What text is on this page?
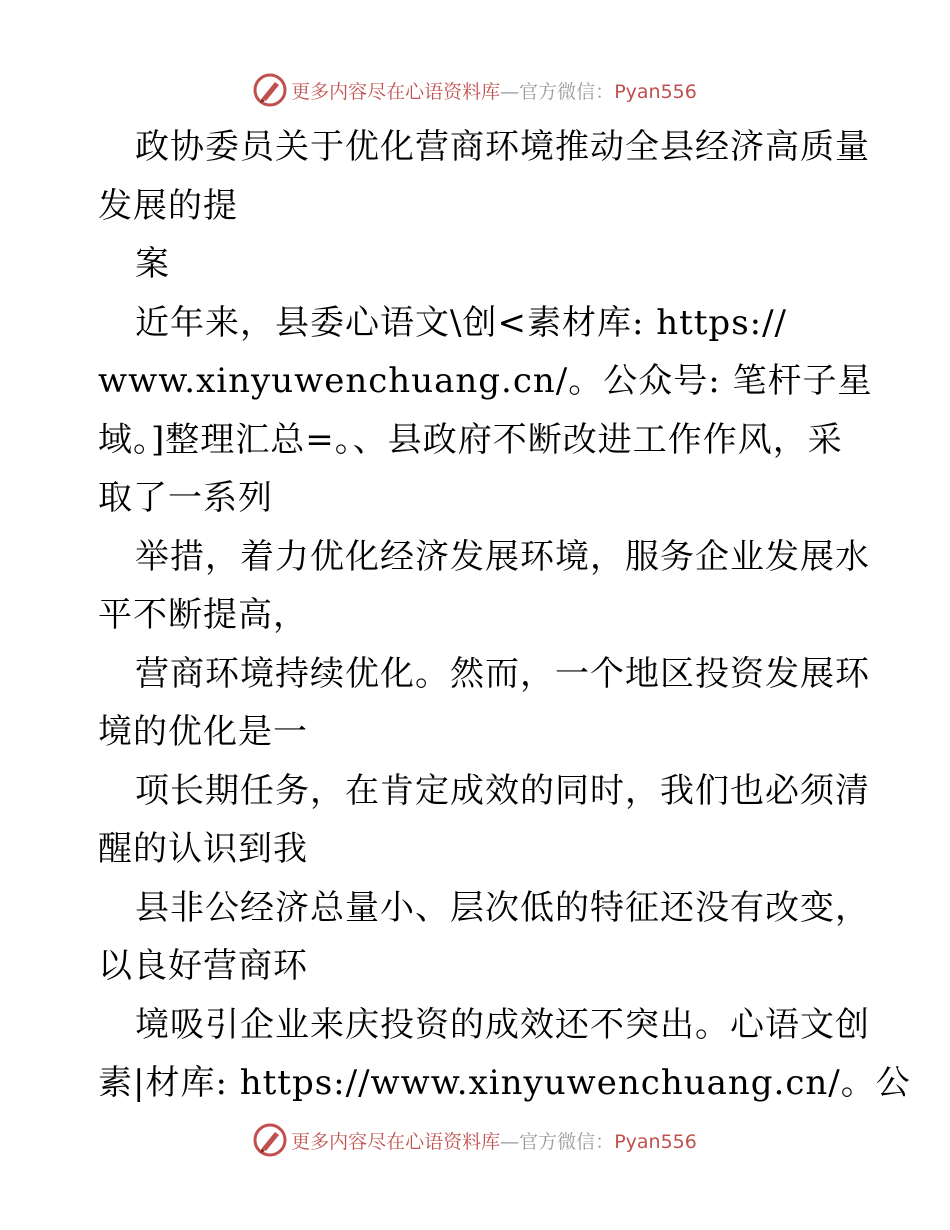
更多内容尽在心语资料库—官方微信：Pyan556
政协委员关于优化营商环境推动全县经济高质量
发展的提
案
近年来，县委心语文\创<素材库: https://
www.xinyuwenchuang.cn/。公众号: 笔杆子星
域。]整理汇总=。、县政府不断改进工作作风，采
取了一系列
举措，着力优化经济发展环境，服务企业发展水
平不断提高，
营商环境持续优化。然而，一个地区投资发展环
境的优化是一
项长期任务，在肯定成效的同时，我们也必须清
醒的认识到我
县非公经济总量小、层次低的特征还没有改变，
以良好营商环
境吸引企业来庆投资的成效还不突出。心语文创
素|材库: https://www.xinyuwenchuang.cn/。公
更多内容尽在心语资料库—官方微信：Pyan556
